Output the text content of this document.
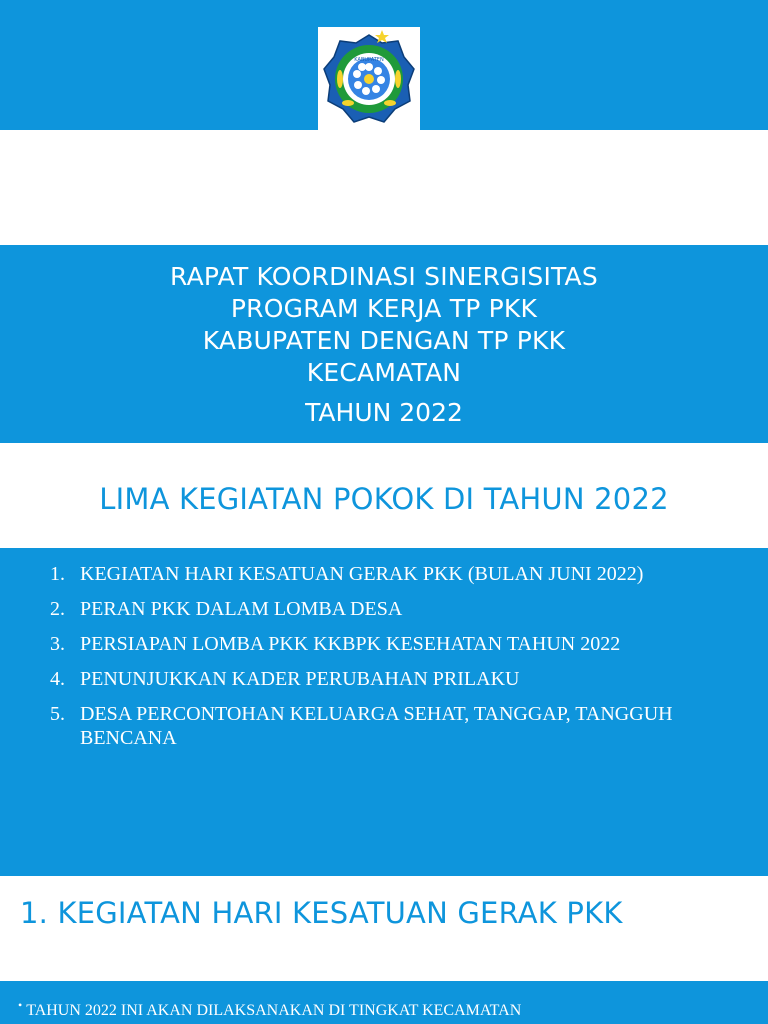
KABUPATEN
RAPAT KOORDINASI SINERGISITAS
PROGRAM KERJA TP PKK
KABUPATEN DENGAN TP PKK
KECAMATAN
TAHUN 2022
LIMA KEGIATAN POKOK DI TAHUN 2022
1. KEGIATAN HARI KESATUAN GERAK PKK (BULAN JUNI 2022)
2. PERAN PKK DALAM LOMBA DESA
3. PERSIAPAN LOMBA PKK KKBPK KESEHATAN TAHUN 2022
4. PENUNJUKKAN KADER PERUBAHAN PRILAKU
5. DESA PERCONTOHAN KELUARGA SEHAT, TANGGAP, TANGGUH BENCANA
1. KEGIATAN HARI KESATUAN GERAK PKK
• TAHUN 2022 INI AKAN DILAKSANAKAN DI TINGKAT KECAMATAN
